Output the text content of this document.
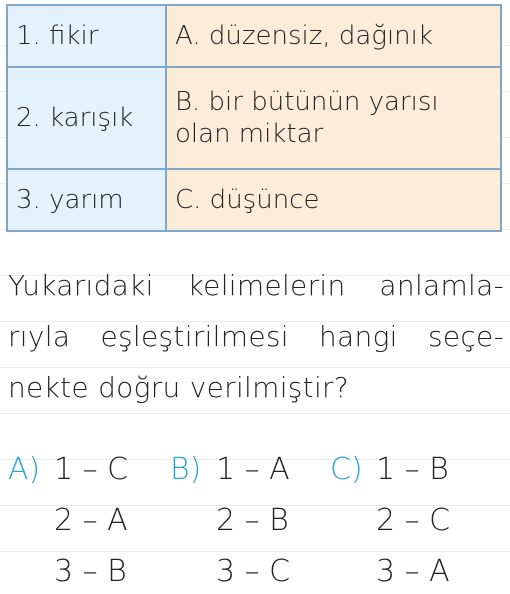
1. fikir	A. düzensiz, dağınık
2. karışık	B. bir bütünün yarısı olan miktar
3. yarım	C. düşünce
Yukarıdaki kelimelerin anlamla-
rıyla eşleştirilmesi hangi seçe-
nekte doğru verilmiştir?
A) 1 – C
2 – A
3 – B
B) 1 – A
2 – B
3 – C
C) 1 – B
2 – C
3 – A
